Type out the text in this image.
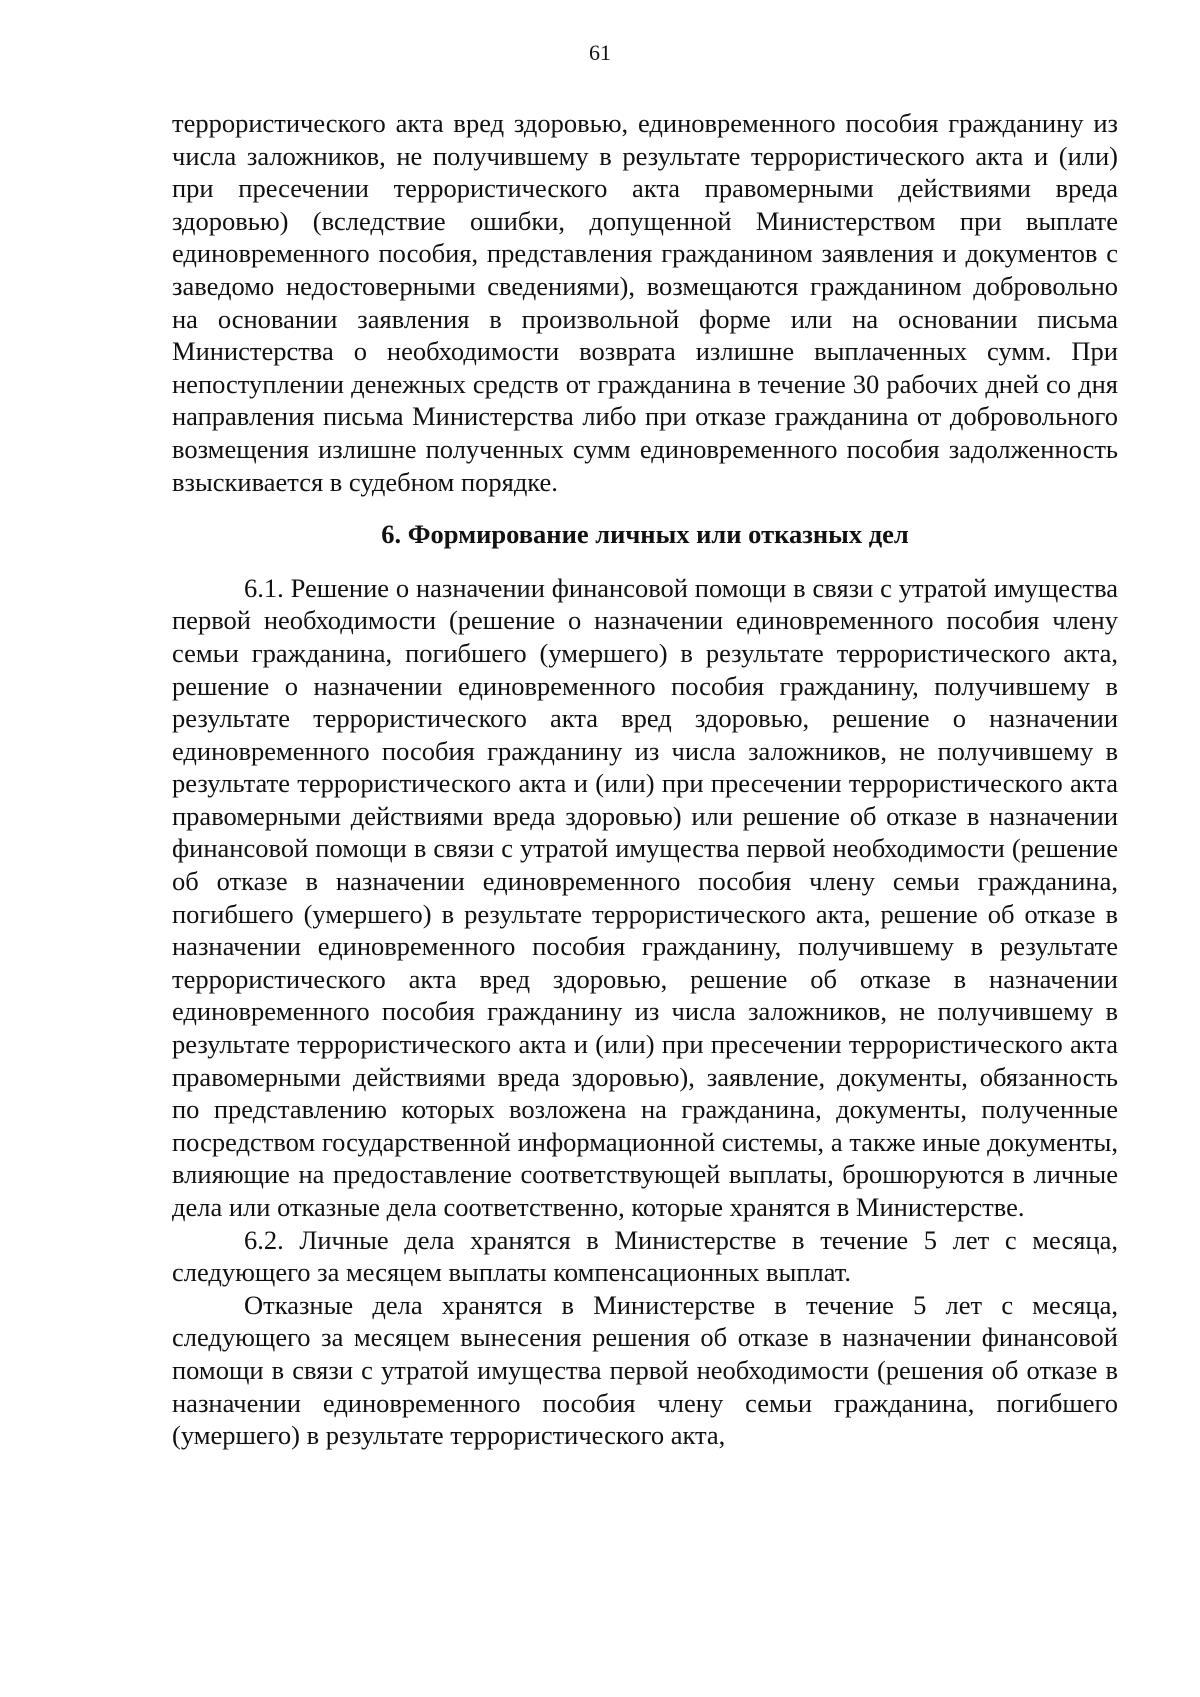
61

террористического акта вред здоровью, единовременного пособия гражданину из числа заложников, не получившему в результате террористического акта и (или) при пресечении террористического акта правомерными действиями вреда здоровью) (вследствие ошибки, допущенной Министерством при выплате единовременного пособия, представления гражданином заявления и документов с заведомо недостоверными сведениями), возмещаются гражданином добровольно на основании заявления в произвольной форме или на основании письма Министерства о необходимости возврата излишне выплаченных сумм. При непоступлении денежных средств от гражданина в течение 30 рабочих дней со дня направления письма Министерства либо при отказе гражданина от добровольного возмещения излишне полученных сумм единовременного пособия задолженность взыскивается в судебном порядке.

6. Формирование личных или отказных дел

6.1. Решение о назначении финансовой помощи в связи с утратой имущества первой необходимости (решение о назначении единовременного пособия члену семьи гражданина, погибшего (умершего) в результате террористического акта, решение о назначении единовременного пособия гражданину, получившему в результате террористического акта вред здоровью, решение о назначении единовременного пособия гражданину из числа заложников, не получившему в результате террористического акта и (или) при пресечении террористического акта правомерными действиями вреда здоровью) или решение об отказе в назначении финансовой помощи в связи с утратой имущества первой необходимости (решение об отказе в назначении единовременного пособия члену семьи гражданина, погибшего (умершего) в результате террористического акта, решение об отказе в назначении единовременного пособия гражданину, получившему в результате террористического акта вред здоровью, решение об отказе в назначении единовременного пособия гражданину из числа заложников, не получившему в результате террористического акта и (или) при пресечении террористического акта правомерными действиями вреда здоровью), заявление, документы, обязанность по представлению которых возложена на гражданина, документы, полученные посредством государственной информационной системы, а также иные документы, влияющие на предоставление соответствующей выплаты, брошюруются в личные дела или отказные дела соответственно, которые хранятся в Министерстве.

6.2. Личные дела хранятся в Министерстве в течение 5 лет с месяца, следующего за месяцем выплаты компенсационных выплат.

Отказные дела хранятся в Министерстве в течение 5 лет с месяца, следующего за месяцем вынесения решения об отказе в назначении финансовой помощи в связи с утратой имущества первой необходимости (решения об отказе в назначении единовременного пособия члену семьи гражданина, погибшего (умершего) в результате террористического акта,
